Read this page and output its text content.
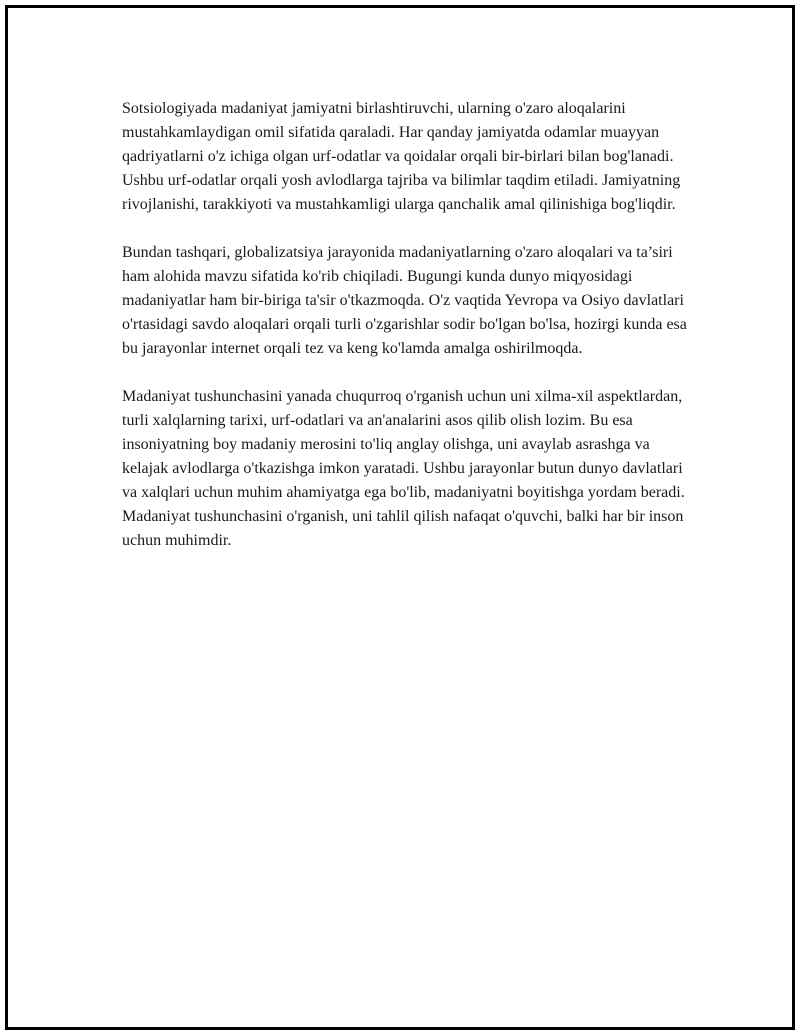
Sotsiologiyada madaniyat jamiyatni birlashtiruvchi, ularning o'zaro aloqalarini mustahkamlaydigan omil sifatida qaraladi. Har qanday jamiyatda odamlar muayyan qadriyatlarni o'z ichiga olgan urf-odatlar va qoidalar orqali bir-birlari bilan bog'lanadi. Ushbu urf-odatlar orqali yosh avlodlarga tajriba va bilimlar taqdim etiladi. Jamiyatning rivojlanishi, tarakkiyoti va mustahkamligi ularga qanchalik amal qilinishiga bog'liqdir.

Bundan tashqari, globalizatsiya jarayonida madaniyatlarning o'zaro aloqalari va ta’siri ham alohida mavzu sifatida ko'rib chiqiladi. Bugungi kunda dunyo miqyosidagi madaniyatlar ham bir-biriga ta'sir o'tkazmoqda. O'z vaqtida Yevropa va Osiyo davlatlari o'rtasidagi savdo aloqalari orqali turli o'zgarishlar sodir bo'lgan bo'lsa, hozirgi kunda esa bu jarayonlar internet orqali tez va keng ko'lamda amalga oshirilmoqda.

Madaniyat tushunchasini yanada chuqurroq o'rganish uchun uni xilma-xil aspektlardan, turli xalqlarning tarixi, urf-odatlari va an'analarini asos qilib olish lozim. Bu esa insoniyatning boy madaniy merosini to'liq anglay olishga, uni avaylab asrashga va kelajak avlodlarga o'tkazishga imkon yaratadi. Ushbu jarayonlar butun dunyo davlatlari va xalqlari uchun muhim ahamiyatga ega bo'lib, madaniyatni boyitishga yordam beradi. Madaniyat tushunchasini o'rganish, uni tahlil qilish nafaqat o'quvchi, balki har bir inson uchun muhimdir.
